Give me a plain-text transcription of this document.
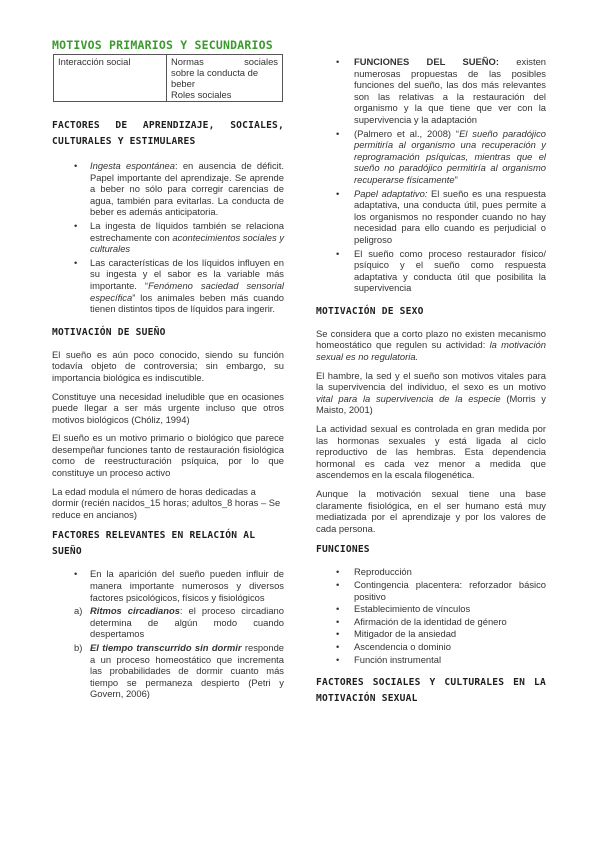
MOTIVOS PRIMARIOS Y SECUNDARIOS
Interacción social	Normas sociales
sobre la conducta de
beber
Roles sociales
FACTORES DE APRENDIZAJE, SOCIALES,
CULTURALES Y ESTIMULARES
• Ingesta espontánea: en ausencia de déficit. Papel importante del aprendizaje. Se aprende a beber no sólo para corregir carencias de agua, también para evitarlas. La conducta de beber es además anticipatoria.
• La ingesta de líquidos también se relaciona estrechamente con acontecimientos sociales y culturales
• Las características de los líquidos influyen en su ingesta y el sabor es la variable más importante. “Fenómeno saciedad sensorial específica” los animales beben más cuando tienen distintos tipos de líquidos para ingerir.
MOTIVACIÓN DE SUEÑO

El sueño es aún poco conocido, siendo su función todavía objeto de controversia; sin embargo, su importancia biológica es indiscutible.

Constituye una necesidad ineludible que en ocasiones puede llegar a ser más urgente incluso que otros motivos biológicos (Chóliz, 1994)

El sueño es un motivo primario o biológico que parece desempeñar funciones tanto de restauración fisiológica como de reestructuración psíquica, por lo que constituye un proceso activo

La edad modula el número de horas dedicadas a dormir (recién nacidos_15 horas; adultos_8 horas – Se reduce en ancianos)

FACTORES RELEVANTES EN RELACIÓN AL SUEÑO
• En la aparición del sueño pueden influir de manera importante numerosos y diversos factores psicológicos, físicos y fisiológicos
a) Ritmos circadianos: el proceso circadiano determina de algún modo cuando despertamos
b) El tiempo transcurrido sin dormir responde a un proceso homeostático que incrementa las probabilidades de dormir cuanto más tiempo se permaneza despierto (Petri y Govern, 2006)
• FUNCIONES DEL SUEÑO: existen numerosas propuestas de las posibles funciones del sueño, las dos más relevantes son las relativas a la restauración del organismo y la que tiene que ver con la supervivencia y la adaptación
• (Palmero et al., 2008) “El sueño paradójico permitiría al organismo una recuperación y reprogramación psíquicas, mientras que el sueño no paradójico permitiría al organismo recuperarse físicamente”
• Papel adaptativo: El sueño es una respuesta adaptativa, una conducta útil, pues permite a los organismos no responder cuando no hay necesidad para ello cuando es perjudicial o peligroso
• El sueño como proceso restaurador físico/ psíquico y el sueño como respuesta adaptativa y conducta útil que posibilita la supervivencia
MOTIVACIÓN DE SEXO

Se considera que a corto plazo no existen mecanismo homeostático que regulen su actividad: la motivación sexual es no regulatoria.

El hambre, la sed y el sueño son motivos vitales para la supervivencia del individuo, el sexo es un motivo vital para la supervivencia de la especie (Morris y Maisto, 2001)

La actividad sexual es controlada en gran medida por las hormonas sexuales y está ligada al ciclo reproductivo de las hembras. Esta dependencia hormonal es cada vez menor a medida que ascendemos en la escala filogenética.

Aunque la motivación sexual tiene una base claramente fisiológica, en el ser humano está muy mediatizada por el aprendizaje y por los valores de cada persona.

FUNCIONES
• Reproducción
• Contingencia placentera: reforzador básico positivo
• Establecimiento de vínculos
• Afirmación de la identidad de género
• Mitigador de la ansiedad
• Ascendencia o dominio
• Función instrumental
FACTORES SOCIALES Y CULTURALES EN LA
MOTIVACIÓN SEXUAL
